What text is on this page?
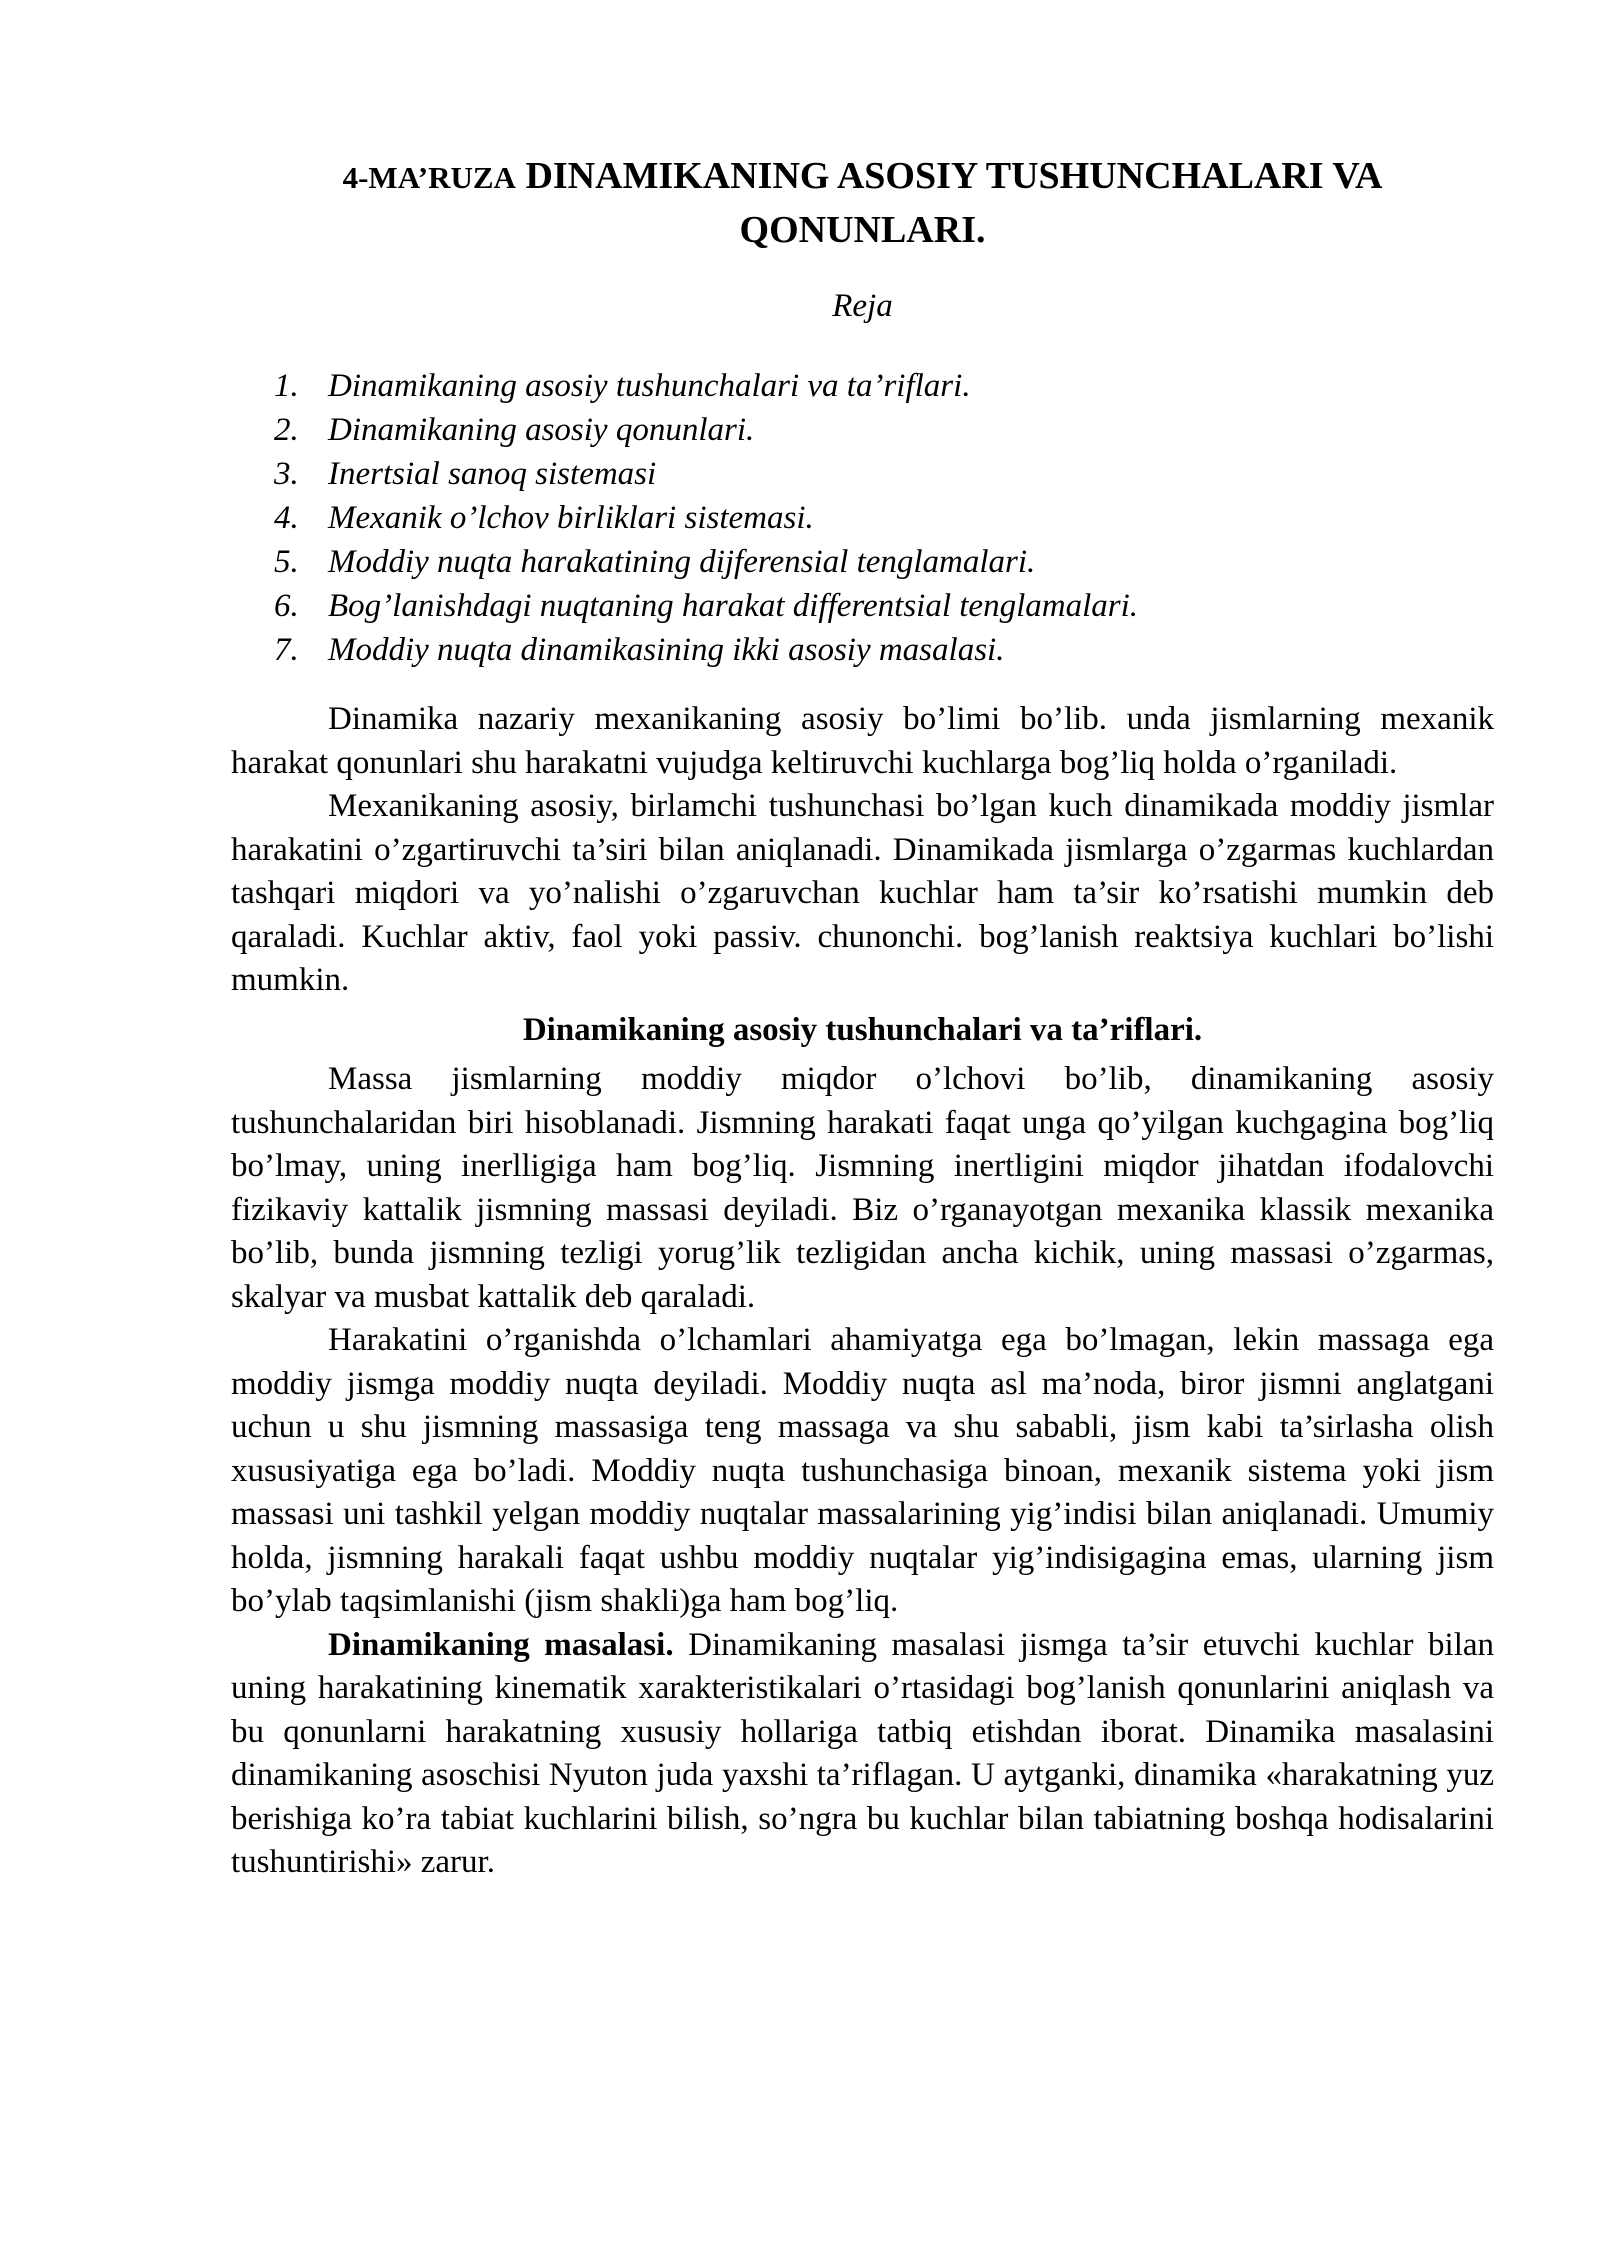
4-MA’RUZA DINAMIKANING ASOSIY TUSHUNCHALARI VA QONUNLARI.
Reja
1. Dinamikaning asosiy tushunchalari va ta’riflari.
2. Dinamikaning asosiy qonunlari.
3. Inertsial sanoq sistemasi
4. Mexanik o’lchov birliklari sistemasi.
5. Moddiy nuqta harakatining dijferensial tenglamalari.
6. Bog’lanishdagi nuqtaning harakat differentsial tenglamalari.
7. Moddiy nuqta dinamikasining ikki asosiy masalasi.

Dinamika nazariy mexanikaning asosiy bo’limi bo’lib. unda jismlarning mexanik harakat qonunlari shu harakatni vujudga keltiruvchi kuchlarga bog’liq holda o’rganiladi.

Mexanikaning asosiy, birlamchi tushunchasi bo’lgan kuch dinamikada moddiy jismlar harakatini o’zgartiruvchi ta’siri bilan aniqlanadi. Dinamikada jismlarga o’zgarmas kuchlardan tashqari miqdori va yo’nalishi o’zgaruvchan kuchlar ham ta’sir ko’rsatishi mumkin deb qaraladi. Kuchlar aktiv, faol yoki passiv. chunonchi. bog’lanish reaktsiya kuchlari bo’lishi mumkin.

Dinamikaning asosiy tushunchalari va ta’riflari.

Massa jismlarning moddiy miqdor o’lchovi bo’lib, dinamikaning asosiy tushunchalaridan biri hisoblanadi. Jismning harakati faqat unga qo’yilgan kuchgagina bog’liq bo’lmay, uning inerlligiga ham bog’liq. Jismning inertligini miqdor jihatdan ifodalovchi fizikaviy kattalik jismning massasi deyiladi. Biz o’rganayotgan mexanika klassik mexanika bo’lib, bunda jismning tezligi yorug’lik tezligidan ancha kichik, uning massasi o’zgarmas, skalyar va musbat kattalik deb qaraladi.

Harakatini o’rganishda o’lchamlari ahamiyatga ega bo’lmagan, lekin massaga ega moddiy jismga moddiy nuqta deyiladi. Moddiy nuqta asl ma’noda, biror jismni anglatgani uchun u shu jismning massasiga teng massaga va shu sababli, jism kabi ta’sirlasha olish xususiyatiga ega bo’ladi. Moddiy nuqta tushunchasiga binoan, mexanik sistema yoki jism massasi uni tashkil yelgan moddiy nuqtalar massalarining yig’indisi bilan aniqlanadi. Umumiy holda, jismning harakali faqat ushbu moddiy nuqtalar yig’indisigagina emas, ularning jism bo’ylab taqsimlanishi (jism shakli)ga ham bog’liq.

Dinamikaning masalasi. Dinamikaning masalasi jismga ta’sir etuvchi kuchlar bilan uning harakatining kinematik xarakteristikalari o’rtasidagi bog’lanish qonunlarini aniqlash va bu qonunlarni harakatning xususiy hollariga tatbiq etishdan iborat. Dinamika masalasini dinamikaning asoschisi Nyuton juda yaxshi ta’riflagan. U aytganki, dinamika «harakatning yuz berishiga ko’ra tabiat kuchlarini bilish, so’ngra bu kuchlar bilan tabiatning boshqa hodisalarini tushuntirishi» zarur.
